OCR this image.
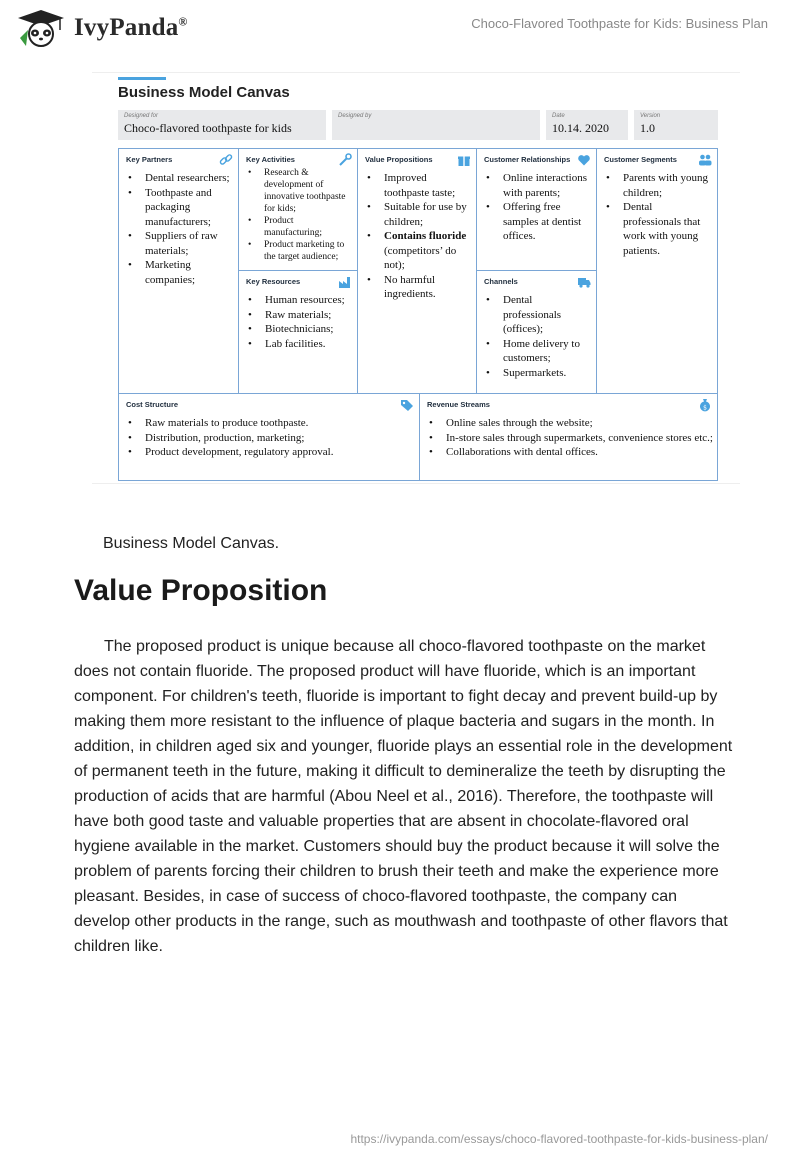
IvyPanda®	Choco-Flavored Toothpaste for Kids: Business Plan
Business Model Canvas
Designed for
Choco-flavored toothpaste for kids
Designed by	Date
10.14. 2020
Version
1.0
Key Partners
• Dental researchers;
• Toothpaste and packaging manufacturers;
• Suppliers of raw materials;
• Marketing companies;
Key Activities
• Research & development of innovative toothpaste for kids;
• Product manufacturing;
• Product marketing to the target audience;
Key Resources
• Human resources;
• Raw materials;
• Biotechnicians;
• Lab facilities.
Value Propositions
• Improved toothpaste taste;
• Suitable for use by children;
• Contains fluoride
(competitors’ do not);
• No harmful ingredients.
Customer Relationships
• Online interactions with parents;
• Offering free samples at dentist offices.
Channels
• Dental professionals (offices);
• Home delivery to customers;
• Supermarkets.
Customer Segments
• Parents with young children;
• Dental professionals that work with young patients.
Cost Structure
• Raw materials to produce toothpaste.
• Distribution, production, marketing;
• Product development, regulatory approval.
Revenue Streams	$
• Online sales through the website;
• In-store sales through supermarkets, convenience stores etc.;
• Collaborations with dental offices.
Business Model Canvas.
Value Proposition

The proposed product is unique because all choco-flavored toothpaste on the market does not contain fluoride. The proposed product will have fluoride, which is an important component. For children's teeth, fluoride is important to fight decay and prevent build-up by making them more resistant to the influence of plaque bacteria and sugars in the month. In addition, in children aged six and younger, fluoride plays an essential role in the development of permanent teeth in the future, making it difficult to demineralize the teeth by disrupting the production of acids that are harmful (Abou Neel et al., 2016). Therefore, the toothpaste will have both good taste and valuable properties that are absent in chocolate-flavored oral hygiene available in the market. Customers should buy the product because it will solve the problem of parents forcing their children to brush their teeth and make the experience more pleasant. Besides, in case of success of choco-flavored toothpaste, the company can develop other products in the range, such as mouthwash and toothpaste of other flavors that children like.

https://ivypanda.com/essays/choco-flavored-toothpaste-for-kids-business-plan/
